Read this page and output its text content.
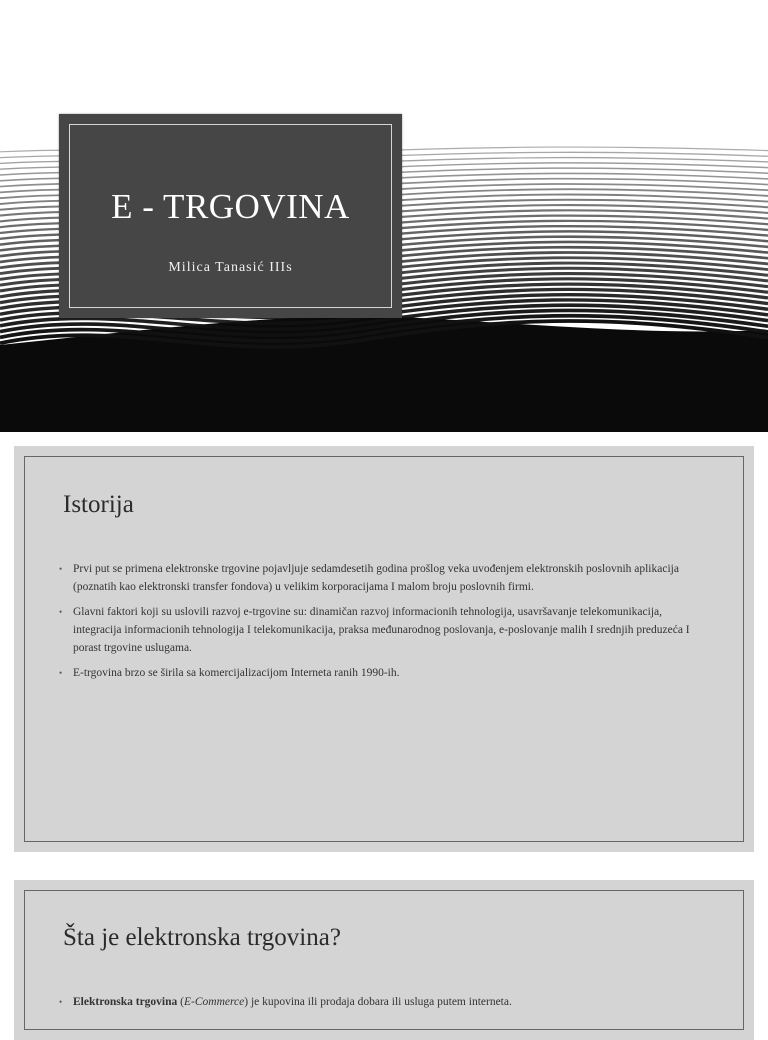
E - TRGOVINA
Milica Tanasić IIIs
Istorija
• Prvi put se primena elektronske trgovine pojavljuje sedamdesetih godina prošlog veka uvođenjem elektronskih poslovnih aplikacija (poznatih kao elektronski transfer fondova) u velikim korporacijama I malom broju poslovnih firmi.
• Glavni faktori koji su uslovili razvoj e-trgovine su: dinamičan razvoj informacionih tehnologija, usavršavanje telekomunikacija, integracija informacionih tehnologija I telekomunikacija, praksa međunarodnog poslovanja, e-poslovanje malih I srednjih preduzeća I porast trgovine uslugama.
• E-trgovina brzo se širila sa komercijalizacijom Interneta ranih 1990-ih.
Šta je elektronska trgovina?
• Elektronska trgovina (E-Commerce) je kupovina ili prodaja dobara ili usluga putem interneta.
